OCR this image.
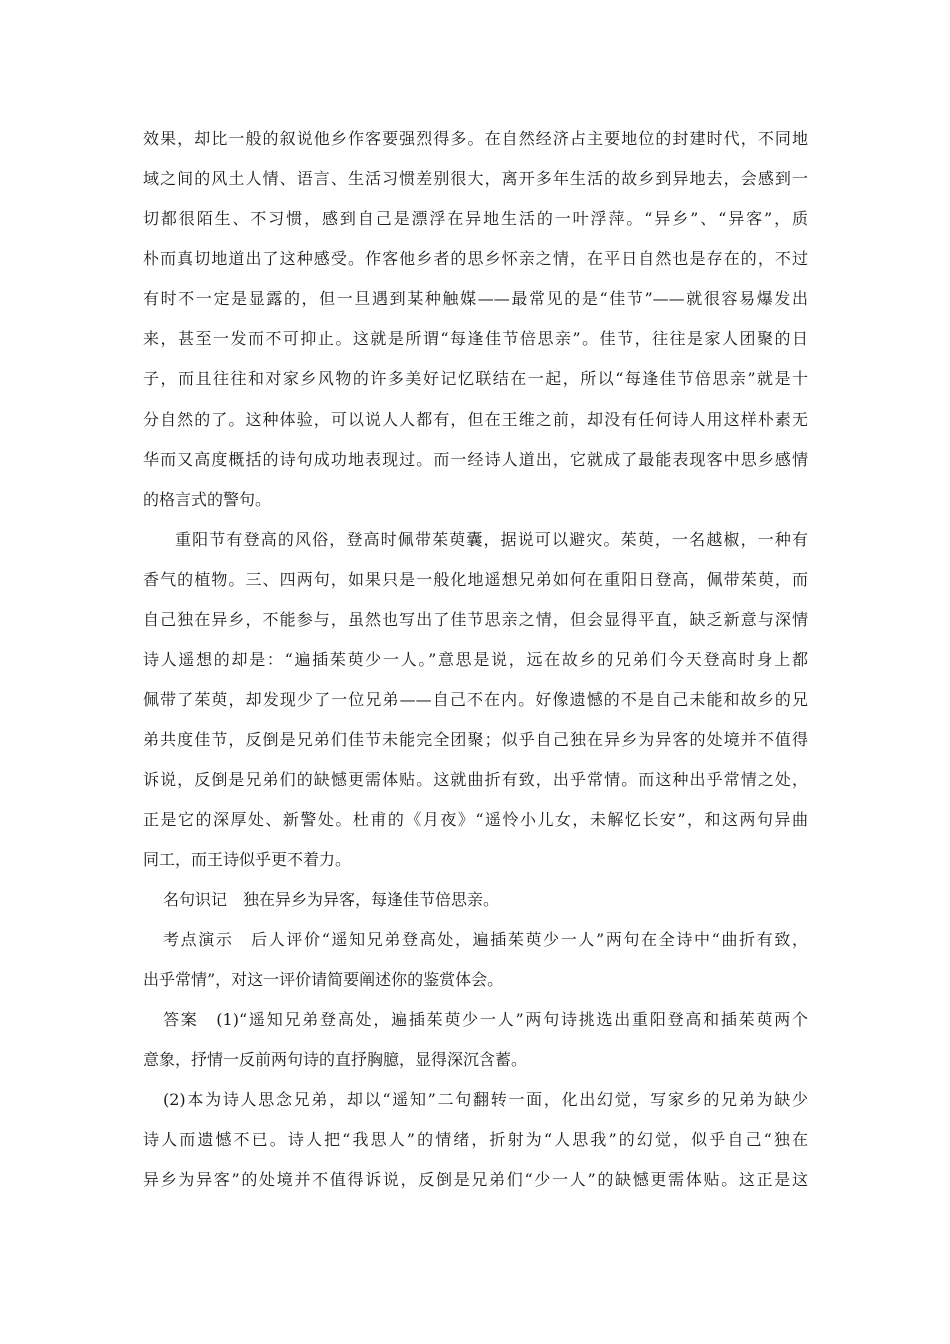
效果，却比一般的叙说他乡作客要强烈得多。在自然经济占主要地位的封建时代，不同地
域之间的风土人情、语言、生活习惯差别很大，离开多年生活的故乡到异地去，会感到一
切都很陌生、不习惯，感到自己是漂浮在异地生活的一叶浮萍。“异乡”、“异客”，质
朴而真切地道出了这种感受。作客他乡者的思乡怀亲之情，在平日自然也是存在的，不过
有时不一定是显露的，但一旦遇到某种触媒——最常见的是“佳节”——就很容易爆发出
来，甚至一发而不可抑止。这就是所谓“每逢佳节倍思亲”。佳节，往往是家人团聚的日
子，而且往往和对家乡风物的许多美好记忆联结在一起，所以“每逢佳节倍思亲”就是十
分自然的了。这种体验，可以说人人都有，但在王维之前，却没有任何诗人用这样朴素无
华而又高度概括的诗句成功地表现过。而一经诗人道出，它就成了最能表现客中思乡感情
的格言式的警句。
重阳节有登高的风俗，登高时佩带茱萸囊，据说可以避灾。茱萸，一名越椒，一种有
香气的植物。三、四两句，如果只是一般化地遥想兄弟如何在重阳日登高，佩带茱萸，而
自己独在异乡，不能参与，虽然也写出了佳节思亲之情，但会显得平直，缺乏新意与深情
诗人遥想的却是：“遍插茱萸少一人。”意思是说，远在故乡的兄弟们今天登高时身上都
佩带了茱萸，却发现少了一位兄弟——自己不在内。好像遗憾的不是自己未能和故乡的兄
弟共度佳节，反倒是兄弟们佳节未能完全团聚；似乎自己独在异乡为异客的处境并不值得
诉说，反倒是兄弟们的缺憾更需体贴。这就曲折有致，出乎常情。而这种出乎常情之处，
正是它的深厚处、新警处。杜甫的《月夜》“遥怜小儿女，未解忆长安”，和这两句异曲
同工，而王诗似乎更不着力。
名句识记　独在异乡为异客，每逢佳节倍思亲。
考点演示　后人评价“遥知兄弟登高处，遍插茱萸少一人”两句在全诗中“曲折有致，
出乎常情”，对这一评价请简要阐述你的鉴赏体会。
答案　(1)“遥知兄弟登高处，遍插茱萸少一人”两句诗挑选出重阳登高和插茱萸两个
意象，抒情一反前两句诗的直抒胸臆，显得深沉含蓄。
(2)本为诗人思念兄弟，却以“遥知”二句翻转一面，化出幻觉，写家乡的兄弟为缺少
诗人而遗憾不已。诗人把“我思人”的情绪，折射为“人思我”的幻觉，似乎自己“独在
异乡为异客”的处境并不值得诉说，反倒是兄弟们“少一人”的缺憾更需体贴。这正是这
